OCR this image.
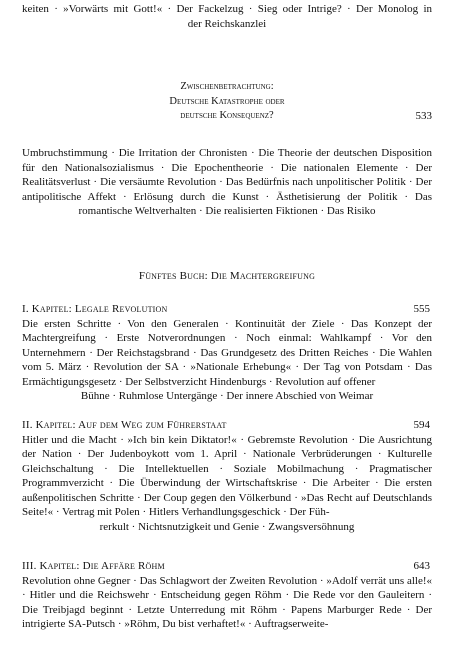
keiten · »Vorwärts mit Gott!« · Der Fackelzug · Sieg oder Intrige? · Der Monolog in
der Reichskanzlei
Zwischenbetrachtung:
Deutsche Katastrophe oder
deutsche Konsequenz?	533
Umbruchstimmung · Die Irritation der Chronisten · Die Theorie der deutschen Disposition für den Nationalsozialismus · Die Epochentheorie · Die nationalen Elemente · Der Realitätsverlust · Die versäumte Revolution · Das Bedürfnis nach unpolitischer Politik · Der antipolitische Affekt · Erlösung durch die Kunst · Ästhetisierung der Politik · Das romantische Weltverhalten · Die realisierten Fiktionen · Das Risiko
Fünftes Buch: Die Machtergreifung
I. Kapitel: Legale Revolution	555
Die ersten Schritte · Von den Generalen · Kontinuität der Ziele · Das Konzept der Machtergreifung · Erste Notverordnungen · Noch einmal: Wahlkampf · Vor den Unternehmern · Der Reichstagsbrand · Das Grundgesetz des Dritten Reiches · Die Wahlen vom 5. März · Revolution der SA · »Nationale Erhebung« · Der Tag von Potsdam · Das Ermächtigungsgesetz · Der Selbstverzicht Hindenburgs · Revolution auf offener
Bühne · Ruhmlose Untergänge · Der innere Abschied von Weimar
II. Kapitel: Auf dem Weg zum Führerstaat	594
Hitler und die Macht · »Ich bin kein Diktator!« · Gebremste Revolution · Die Ausrichtung der Nation · Der Judenboykott vom 1. April · Nationale Verbrüderungen · Kulturelle Gleichschaltung · Die Intellektuellen · Soziale Mobilmachung · Pragmatischer Programmverzicht · Die Überwindung der Wirtschaftskrise · Die Arbeiter · Die ersten außenpolitischen Schritte · Der Coup gegen den Völkerbund · »Das Recht auf Deutschlands Seite!« · Vertrag mit Polen · Hitlers Verhandlungsgeschick · Der Füh-
rerkult · Nichtsnutzigkeit und Genie · Zwangsversöhnung
III. Kapitel: Die Affäre Röhm	643
Revolution ohne Gegner · Das Schlagwort der Zweiten Revolution · »Adolf verrät uns alle!« · Hitler und die Reichswehr · Entscheidung gegen Röhm · Die Rede vor den Gauleitern · Die Treibjagd beginnt · Letzte Unterredung mit Röhm · Papens Marburger Rede · Der intrigierte SA-Putsch · »Röhm, Du bist verhaftet!« · Auftragserweite-
